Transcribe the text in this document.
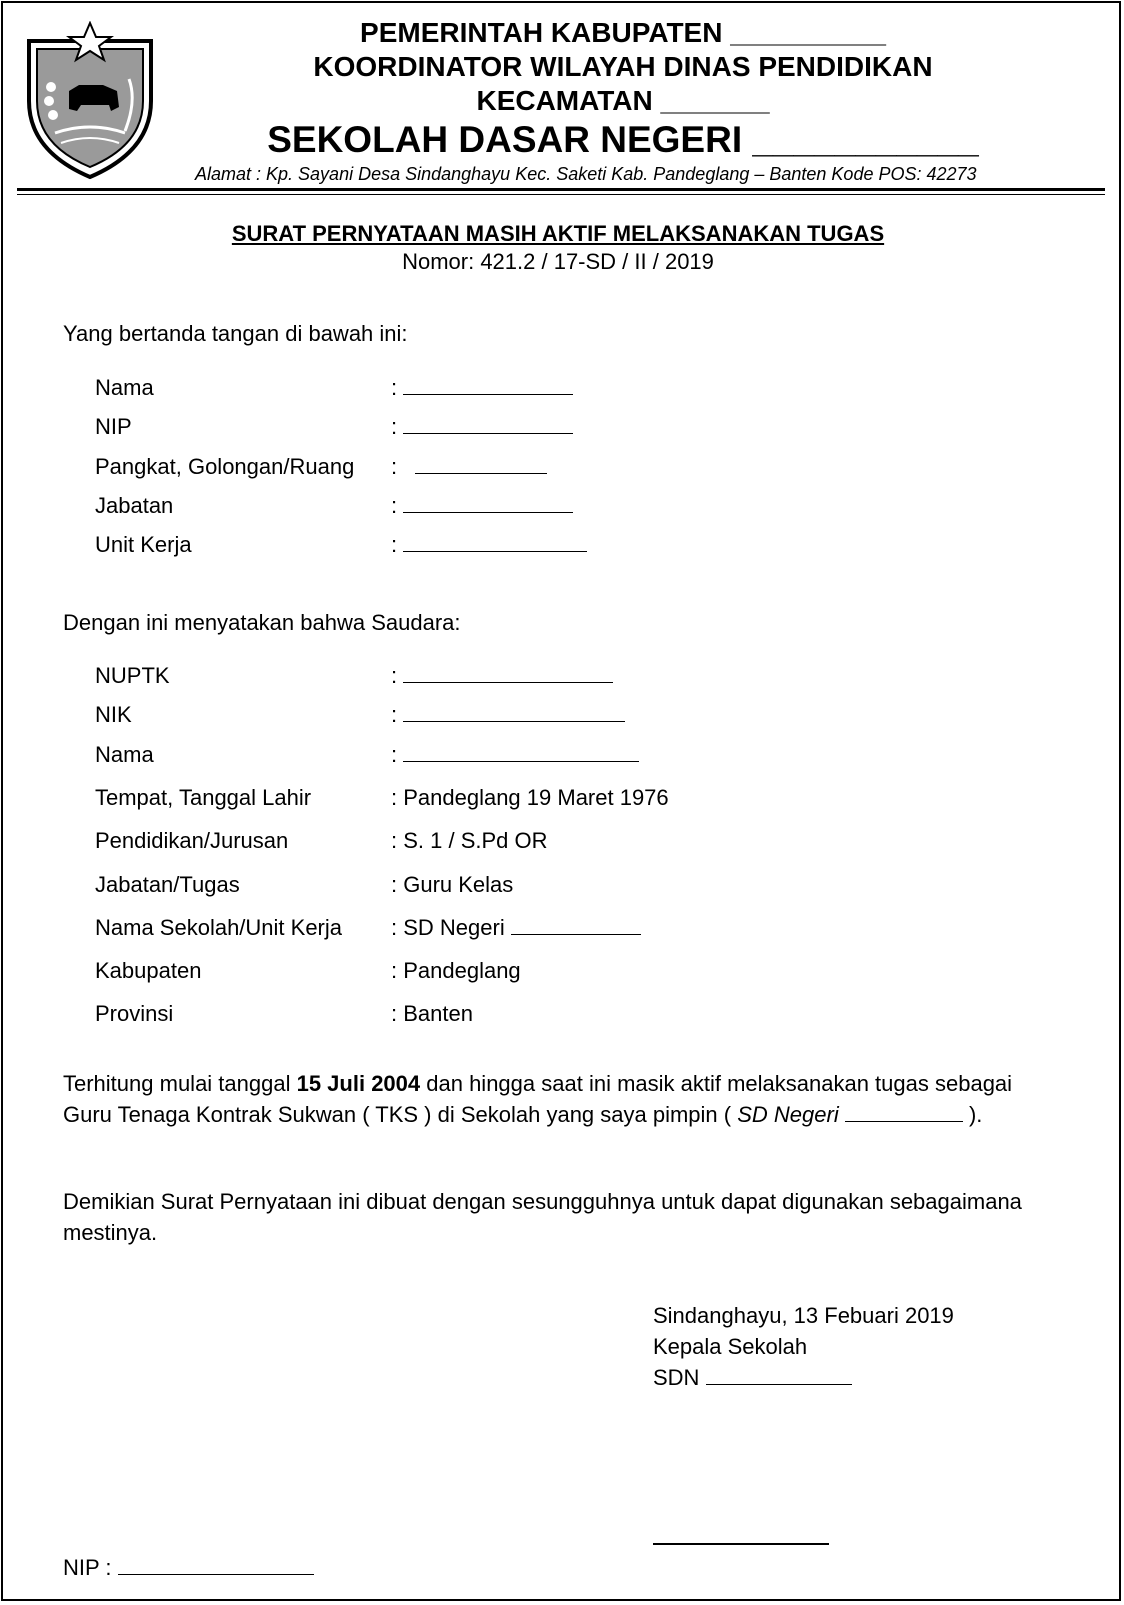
PEMERINTAH KABUPATEN __________
KOORDINATOR WILAYAH DINAS PENDIDIKAN
KECAMATAN _______
SEKOLAH DASAR NEGERI ___________
Alamat : Kp. Sayani Desa Sindanghayu Kec. Saketi Kab. Pandeglang – Banten Kode POS: 42273
SURAT PERNYATAAN MASIH AKTIF MELAKSANAKAN TUGAS
Nomor: 421.2 / 17-SD / II / 2019
Yang bertanda tangan di bawah ini:
Nama	:
NIP	:
Pangkat, Golongan/Ruang :
Jabatan	:
Unit Kerja	:
Dengan ini menyatakan bahwa Saudara:
NUPTK	:
NIK	:
Nama	:
Tempat, Tanggal Lahir	: Pandeglang 19 Maret 1976
Pendidikan/Jurusan	: S. 1 / S.Pd OR
Jabatan/Tugas	: Guru Kelas
Nama Sekolah/Unit Kerja : SD Negeri
Kabupaten	: Pandeglang
Provinsi	: Banten
Terhitung mulai tanggal 15 Juli 2004 dan hingga saat ini masik aktif melaksanakan tugas sebagai Guru Tenaga Kontrak Sukwan ( TKS ) di Sekolah yang saya pimpin ( SD Negeri	).
Demikian Surat Pernyataan ini dibuat dengan sesungguhnya untuk dapat digunakan sebagaimana mestinya.
Sindanghayu, 13 Febuari 2019
Kepala Sekolah
SDN
NIP :
